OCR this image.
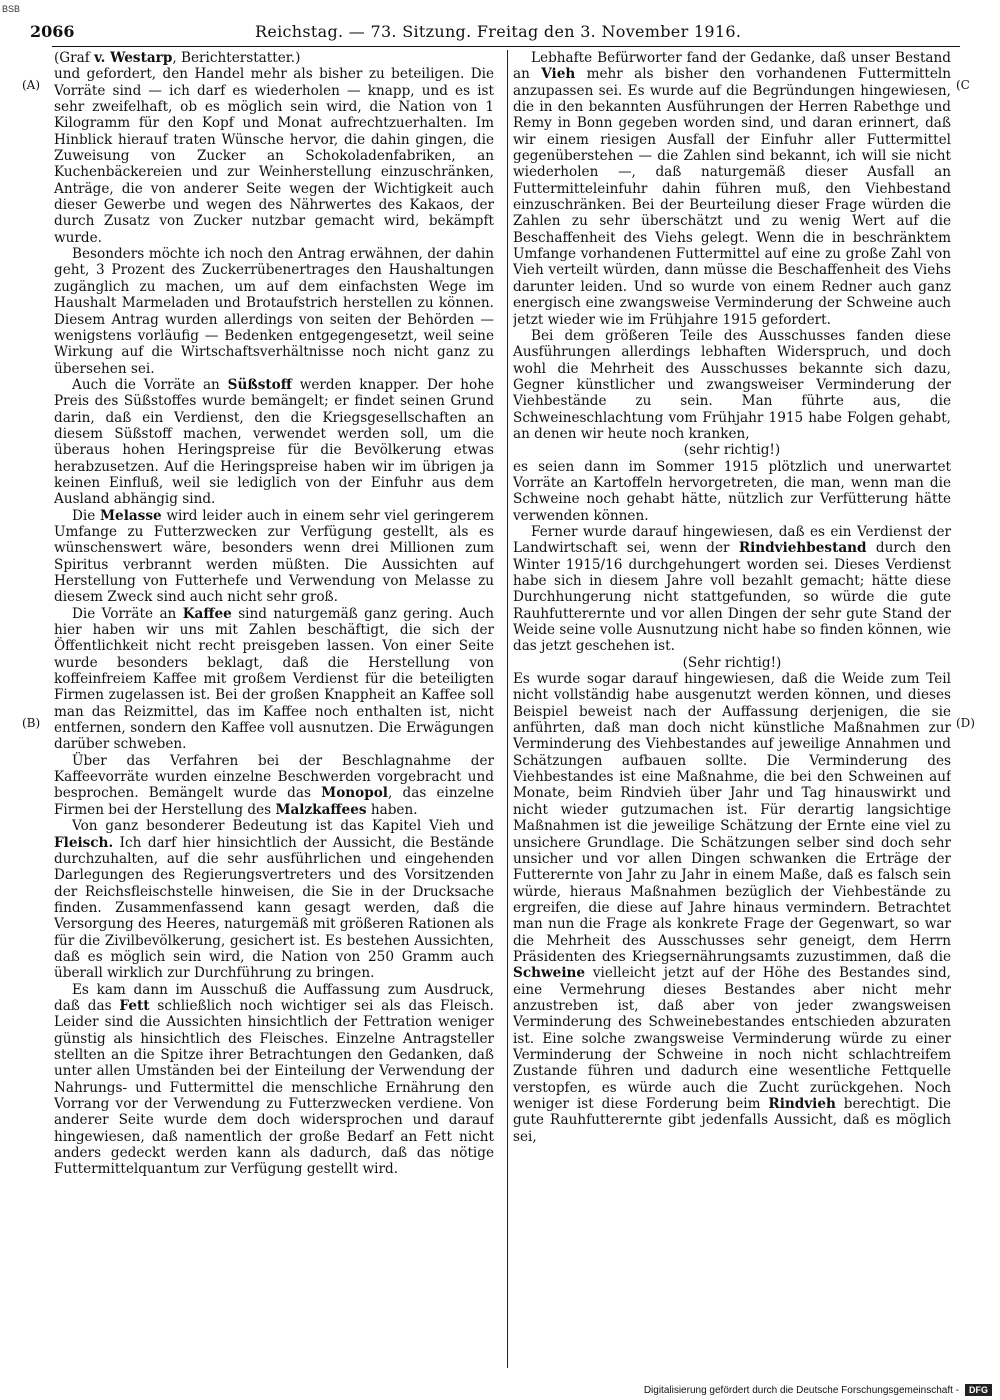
BSB
2066	Reichstag. — 73. Sitzung. Freitag den 3. November 1916.
(A)
(B)
(C
(D)

(Graf v. Westarp, Berichterstatter.)

und gefordert, den Handel mehr als bisher zu beteiligen. Die Vorräte sind — ich darf es wiederholen — knapp, und es ist sehr zweifelhaft, ob es möglich sein wird, die Nation von 1 Kilogramm für den Kopf und Monat aufrechtzuerhalten. Im Hinblick hierauf traten Wünsche hervor, die dahin gingen, die Zuweisung von Zucker an Schokoladenfabriken, an Kuchenbäckereien und zur Weinherstellung einzuschränken, Anträge, die von anderer Seite wegen der Wichtigkeit auch dieser Gewerbe und wegen des Nährwertes des Kakaos, der durch Zusatz von Zucker nutzbar gemacht wird, bekämpft wurde.

Besonders möchte ich noch den Antrag erwähnen, der dahin geht, 3 Prozent des Zuckerrübenertrages den Haushaltungen zugänglich zu machen, um auf dem einfachsten Wege im Haushalt Marmeladen und Brotaufstrich herstellen zu können. Diesem Antrag wurden allerdings von seiten der Behörden — wenigstens vorläufig — Bedenken entgegengesetzt, weil seine Wirkung auf die Wirtschaftsverhältnisse noch nicht ganz zu übersehen sei.

Auch die Vorräte an Süßstoff werden knapper. Der hohe Preis des Süßstoffes wurde bemängelt; er findet seinen Grund darin, daß ein Verdienst, den die Kriegsgesellschaften an diesem Süßstoff machen, verwendet werden soll, um die überaus hohen Heringspreise für die Bevölkerung etwas herabzusetzen. Auf die Heringspreise haben wir im übrigen ja keinen Einfluß, weil sie lediglich von der Einfuhr aus dem Ausland abhängig sind.

Die Melasse wird leider auch in einem sehr viel geringerem Umfange zu Futterzwecken zur Verfügung gestellt, als es wünschenswert wäre, besonders wenn drei Millionen zum Spiritus verbrannt werden müßten. Die Aussichten auf Herstellung von Futterhefe und Verwendung von Melasse zu diesem Zweck sind auch nicht sehr groß.

Die Vorräte an Kaffee sind naturgemäß ganz gering. Auch hier haben wir uns mit Zahlen beschäftigt, die sich der Öffentlichkeit nicht recht preisgeben lassen. Von einer Seite wurde besonders beklagt, daß die Herstellung von koffeinfreiem Kaffee mit großem Verdienst für die beteiligten Firmen zugelassen ist. Bei der großen Knappheit an Kaffee soll man das Reizmittel, das im Kaffee noch enthalten ist, nicht entfernen, sondern den Kaffee voll ausnutzen. Die Erwägungen darüber schweben.

Über das Verfahren bei der Beschlagnahme der Kaffeevorräte wurden einzelne Beschwerden vorgebracht und besprochen. Bemängelt wurde das Monopol, das einzelne Firmen bei der Herstellung des Malzkaffees haben.

Von ganz besonderer Bedeutung ist das Kapitel Vieh und Fleisch. Ich darf hier hinsichtlich der Aussicht, die Bestände durchzuhalten, auf die sehr ausführlichen und eingehenden Darlegungen des Regierungsvertreters und des Vorsitzenden der Reichsfleischstelle hinweisen, die Sie in der Drucksache finden. Zusammenfassend kann gesagt werden, daß die Versorgung des Heeres, naturgemäß mit größeren Rationen als für die Zivilbevölkerung, gesichert ist. Es bestehen Aussichten, daß es möglich sein wird, die Nation von 250 Gramm auch überall wirklich zur Durchführung zu bringen.

Es kam dann im Ausschuß die Auffassung zum Ausdruck, daß das Fett schließlich noch wichtiger sei als das Fleisch. Leider sind die Aussichten hinsichtlich der Fettration weniger günstig als hinsichtlich des Fleisches. Einzelne Antragsteller stellten an die Spitze ihrer Betrachtungen den Gedanken, daß unter allen Umständen bei der Einteilung der Verwendung der Nahrungs- und Futtermittel die menschliche Ernährung den Vorrang vor der Verwendung zu Futterzwecken verdiene. Von anderer Seite wurde dem doch widersprochen und darauf hingewiesen, daß namentlich der große Bedarf an Fett nicht anders gedeckt werden kann als dadurch, daß das nötige Futtermittelquantum zur Verfügung gestellt wird.

Lebhafte Befürworter fand der Gedanke, daß unser Bestand an Vieh mehr als bisher den vorhandenen Futtermitteln anzupassen sei. Es wurde auf die Begründungen hingewiesen, die in den bekannten Ausführungen der Herren Rabethge und Remy in Bonn gegeben worden sind, und daran erinnert, daß wir einem riesigen Ausfall der Einfuhr aller Futtermittel gegenüberstehen — die Zahlen sind bekannt, ich will sie nicht wiederholen —, daß naturgemäß dieser Ausfall an Futtermitteleinfuhr dahin führen muß, den Viehbestand einzuschränken. Bei der Beurteilung dieser Frage würden die Zahlen zu sehr überschätzt und zu wenig Wert auf die Beschaffenheit des Viehs gelegt. Wenn die in beschränktem Umfange vorhandenen Futtermittel auf eine zu große Zahl von Vieh verteilt würden, dann müsse die Beschaffenheit des Viehs darunter leiden. Und so wurde von einem Redner auch ganz energisch eine zwangsweise Verminderung der Schweine auch jetzt wieder wie im Frühjahre 1915 gefordert.

Bei dem größeren Teile des Ausschusses fanden diese Ausführungen allerdings lebhaften Widerspruch, und doch wohl die Mehrheit des Ausschusses bekannte sich dazu, Gegner künstlicher und zwangsweiser Verminderung der Viehbestände zu sein. Man führte aus, die Schweineschlachtung vom Frühjahr 1915 habe Folgen gehabt, an denen wir heute noch kranken,

(sehr richtig!)

es seien dann im Sommer 1915 plötzlich und unerwartet Vorräte an Kartoffeln hervorgetreten, die man, wenn man die Schweine noch gehabt hätte, nützlich zur Verfütterung hätte verwenden können.

Ferner wurde darauf hingewiesen, daß es ein Verdienst der Landwirtschaft sei, wenn der Rindviehbestand durch den Winter 1915/16 durchgehungert worden sei. Dieses Verdienst habe sich in diesem Jahre voll bezahlt gemacht; hätte diese Durchhungerung nicht stattgefunden, so würde die gute Rauhfutterernte und vor allen Dingen der sehr gute Stand der Weide seine volle Ausnutzung nicht habe so finden können, wie das jetzt geschehen ist.

(Sehr richtig!)

Es wurde sogar darauf hingewiesen, daß die Weide zum Teil nicht vollständig habe ausgenutzt werden können, und dieses Beispiel beweist nach der Auffassung derjenigen, die sie anführten, daß man doch nicht künstliche Maßnahmen zur Verminderung des Viehbestandes auf jeweilige Annahmen und Schätzungen aufbauen sollte. Die Verminderung des Viehbestandes ist eine Maßnahme, die bei den Schweinen auf Monate, beim Rindvieh über Jahr und Tag hinauswirkt und nicht wieder gutzumachen ist. Für derartig langsichtige Maßnahmen ist die jeweilige Schätzung der Ernte eine viel zu unsichere Grundlage. Die Schätzungen selber sind doch sehr unsicher und vor allen Dingen schwanken die Erträge der Futterernte von Jahr zu Jahr in einem Maße, daß es falsch sein würde, hieraus Maßnahmen bezüglich der Viehbestände zu ergreifen, die diese auf Jahre hinaus vermindern. Betrachtet man nun die Frage als konkrete Frage der Gegenwart, so war die Mehrheit des Ausschusses sehr geneigt, dem Herrn Präsidenten des Kriegsernährungsamts zuzustimmen, daß die Schweine vielleicht jetzt auf der Höhe des Bestandes sind, eine Vermehrung dieses Bestandes aber nicht mehr anzustreben ist, daß aber von jeder zwangsweisen Verminderung des Schweinebestandes entschieden abzuraten ist. Eine solche zwangsweise Verminderung würde zu einer Verminderung der Schweine in noch nicht schlachtreifem Zustande führen und dadurch eine wesentliche Fettquelle verstopfen, es würde auch die Zucht zurückgehen. Noch weniger ist diese Forderung beim Rindvieh berechtigt. Die gute Rauhfutterernte gibt jedenfalls Aussicht, daß es möglich sei,

Digitalisierung gefördert durch die Deutsche Forschungsgemeinschaft -	DFG
